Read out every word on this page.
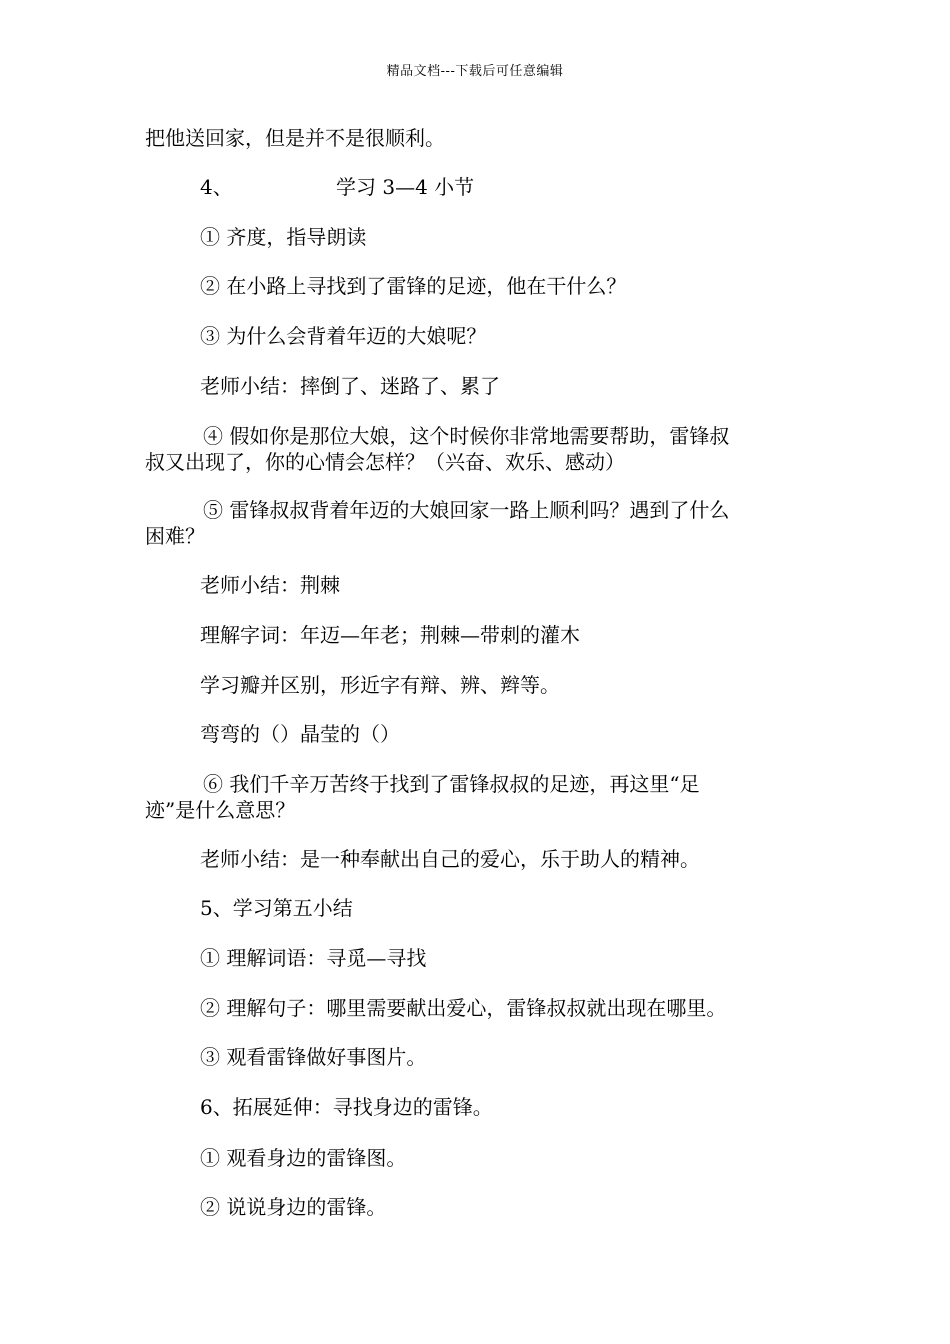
精品文档---下载后可任意编辑
把他送回家，但是并不是很顺利。
4、	学习 3—4 小节
① 齐度，指导朗读
② 在小路上寻找到了雷锋的足迹，他在干什么？
③ 为什么会背着年迈的大娘呢？
老师小结：摔倒了、迷路了、累了
④ 假如你是那位大娘，这个时候你非常地需要帮助，雷锋叔
叔又出现了，你的心情会怎样？（兴奋、欢乐、感动）
⑤ 雷锋叔叔背着年迈的大娘回家一路上顺利吗？遇到了什么
困难？
老师小结：荆棘
理解字词：年迈—年老；荆棘—带刺的灌木
学习瓣并区别，形近字有辩、辨、辫等。
弯弯的（）晶莹的（）
⑥ 我们千辛万苦终于找到了雷锋叔叔的足迹，再这里“足
迹”是什么意思？
老师小结：是一种奉献出自己的爱心，乐于助人的精神。
5、学习第五小结
① 理解词语：寻觅—寻找
② 理解句子：哪里需要献出爱心，雷锋叔叔就出现在哪里。
③ 观看雷锋做好事图片。
6、拓展延伸：寻找身边的雷锋。
① 观看身边的雷锋图。
② 说说身边的雷锋。
